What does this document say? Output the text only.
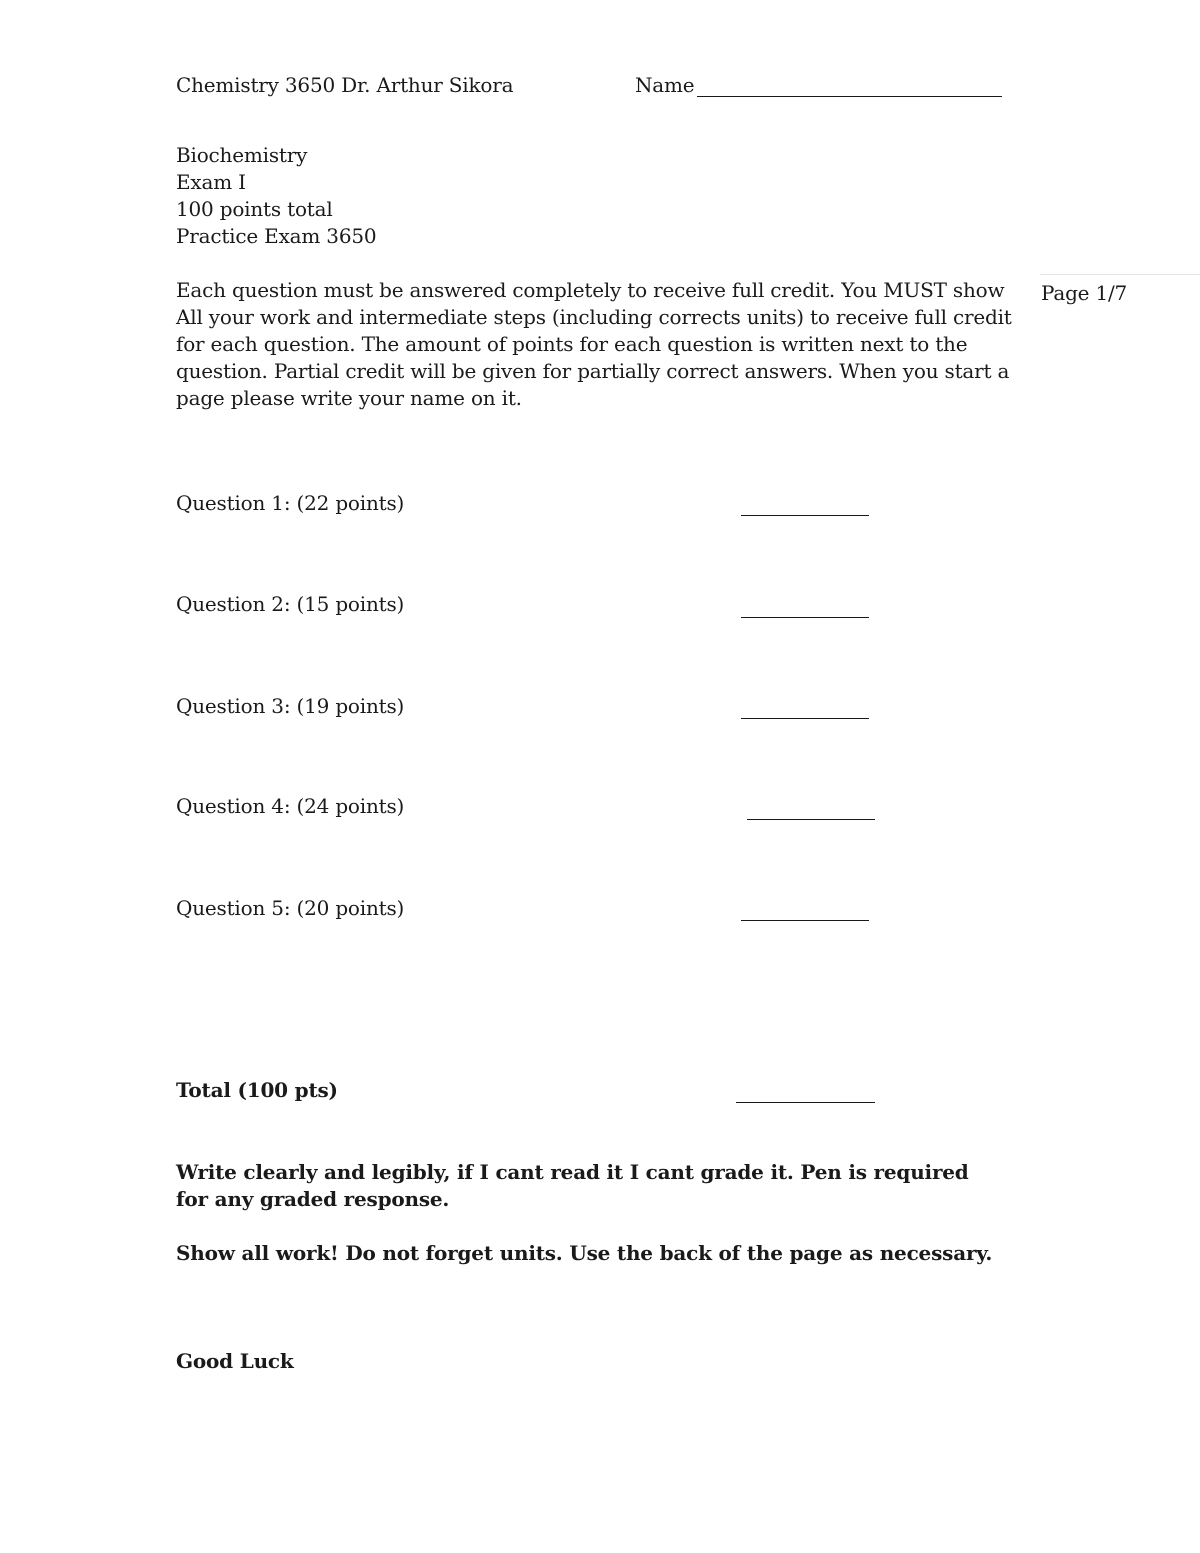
Chemistry 3650 Dr. Arthur Sikora	Name
Biochemistry
Exam I
100 points total
Practice Exam 3650
Page 1/7
Each question must be answered completely to receive full credit. You MUST show All your work and intermediate steps (including corrects units) to receive full credit for each question. The amount of points for each question is written next to the question. Partial credit will be given for partially correct answers. When you start a page please write your name on it.
Question 1: (22 points)
Question 2: (15 points)
Question 3: (19 points)
Question 4: (24 points)
Question 5: (20 points)
Total (100 pts)
Write clearly and legibly, if I cant read it I cant grade it. Pen is required for any graded response.
Show all work! Do not forget units. Use the back of the page as necessary.
Good Luck
